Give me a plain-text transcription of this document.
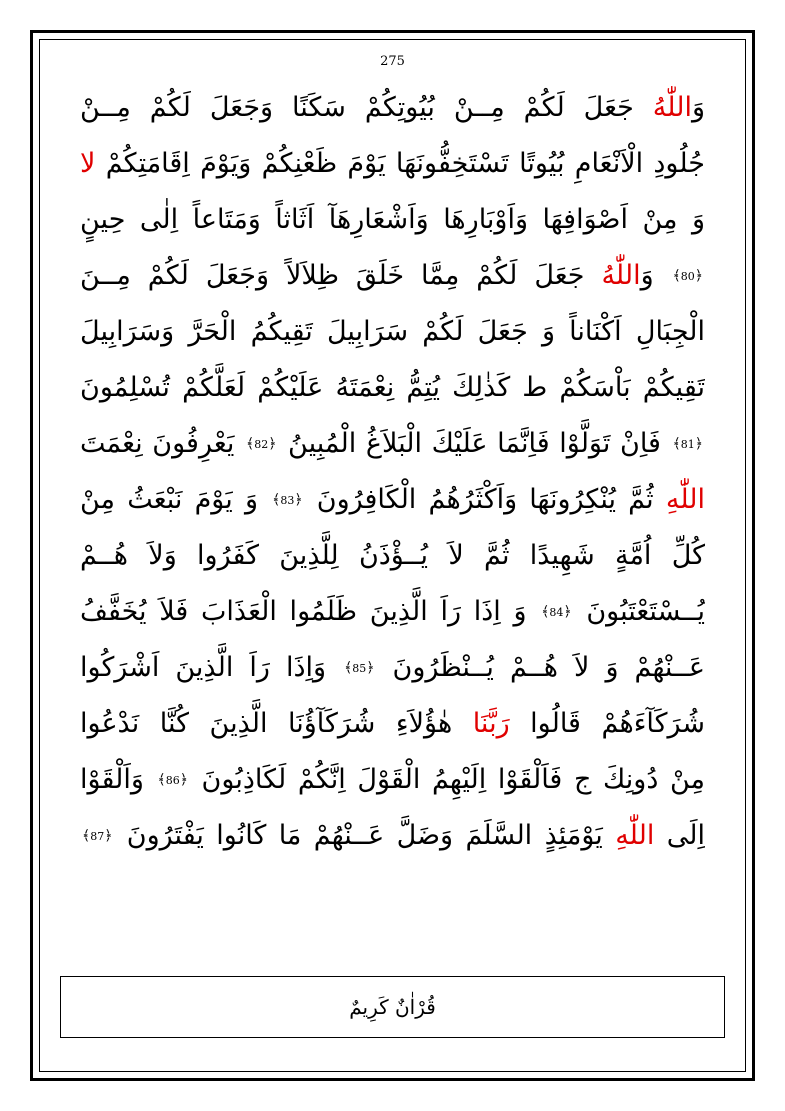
275
وَاللّٰهُ جَعَلَ لَكُمْ مِــنْ بُيُوتِكُمْ سَكَنًا وَجَعَلَ لَكُمْ مِــنْ
جُلُودِ الْاَنْعَامِ بُيُوتًا تَسْتَخِفُّونَهَا يَوْمَ ظَعْنِكُمْ وَيَوْمَ اِقَامَتِكُمْ لا
وَ مِنْ اَصْوَافِهَا وَاَوْبَارِهَا وَاَشْعَارِهَآ اَثَاثاً وَمَتَاعاً اِلٰى حِينٍ
﴿ 80 ﴾ وَاللّٰهُ جَعَلَ لَكُمْ مِمَّا خَلَقَ ظِلاَلاً وَجَعَلَ لَكُمْ مِــنَ
الْجِبَالِ اَكْنَاناً وَ جَعَلَ لَكُمْ سَرَابِيلَ تَقِيكُمُ الْحَرَّ وَسَرَابِيلَ
تَقِيكُمْ بَاْسَكُمْ ط كَذٰلِكَ يُتِمُّ نِعْمَتَهُ عَلَيْكُمْ لَعَلَّكُمْ تُسْلِمُونَ
﴿ 81 ﴾ فَاِنْ تَوَلَّوْا فَاِنَّمَا عَلَيْكَ الْبَلاَغُ الْمُبِينُ ﴿ 82 ﴾ يَعْرِفُونَ نِعْمَتَ
اللّٰهِ ثُمَّ يُنْكِرُونَهَا وَاَكْثَرُهُمُ الْكَافِرُونَ ﴿ 83 ﴾ وَ يَوْمَ نَبْعَثُ مِنْ
كُلِّ اُمَّةٍ شَهِيدًا ثُمَّ لاَ يُــؤْذَنُ لِلَّذِينَ كَفَرُوا وَلاَ هُــمْ
يُــسْتَعْتَبُونَ ﴿ 84 ﴾ وَ اِذَا رَاَ الَّذِينَ ظَلَمُوا الْعَذَابَ فَلاَ يُخَفَّفُ
عَــنْهُمْ وَ لاَ هُــمْ يُــنْظَرُونَ ﴿ 85 ﴾ وَاِذَا رَاَ الَّذِينَ اَشْرَكُوا
شُرَكَآءَهُمْ قَالُوا رَبَّنَا هٰؤُلاَءِ شُرَكَآؤُنَا الَّذِينَ كُنَّا نَدْعُوا
مِنْ دُونِكَ ج فَاَلْقَوْا اِلَيْهِمُ الْقَوْلَ اِنَّكُمْ لَكَاذِبُونَ ﴿ 86 ﴾ وَاَلْقَوْا
اِلَى اللّٰهِ يَوْمَئِذٍ السَّلَمَ وَضَلَّ عَــنْهُمْ مَا كَانُوا يَفْتَرُونَ ﴿ 87 ﴾
قُرْاٰنٌ كَرِيمٌ
